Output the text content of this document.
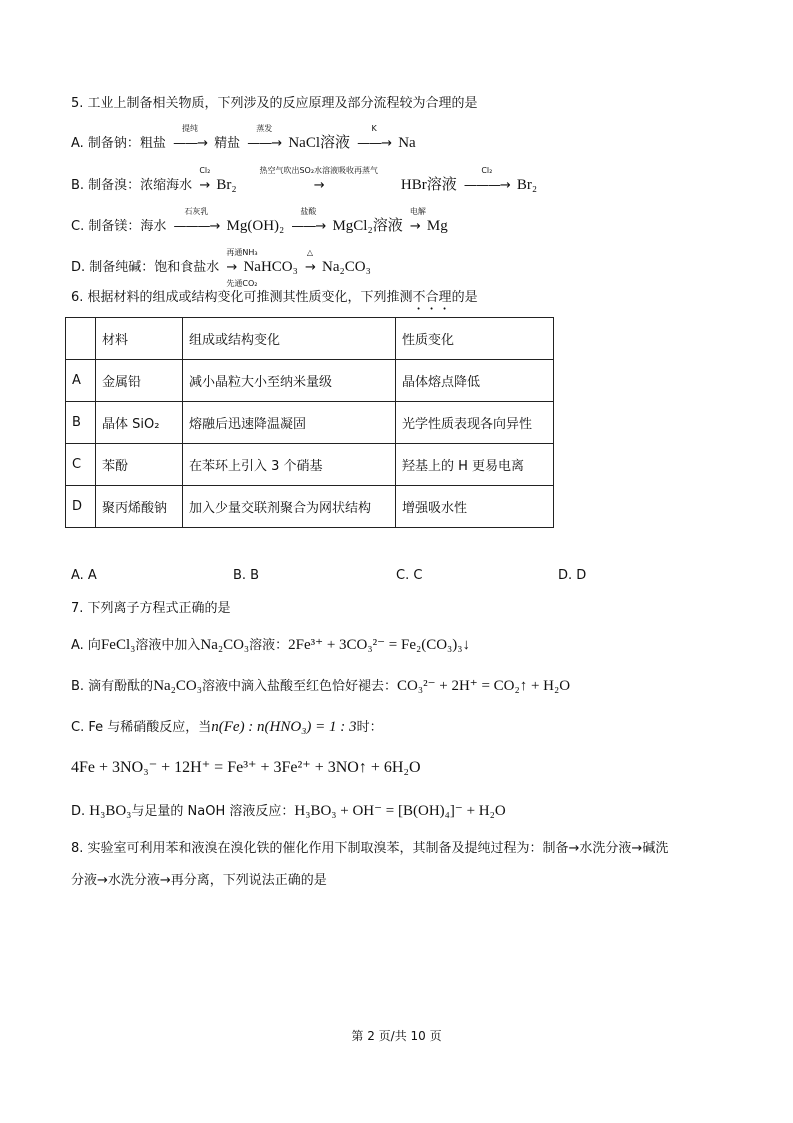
5. 工业上制备相关物质，下列涉及的反应原理及部分流程较为合理的是
A. 制备钠：粗盐
提纯
——→ 精盐
蒸发
——→ NaCl溶液
K
——→ Na
B. 制备溴：浓缩海水
Cl₂
→ Br₂
热空气吹出SO₂水溶液吸收再蒸气
→	HBr溶液
Cl₂
———→ Br₂
C. 制备镁：海水
石灰乳
———→ Mg(OH)₂
盐酸
——→ MgCl₂溶液
电解
→ Mg
D. 制备纯碱：饱和食盐水
再通NH₃
→
先通CO₂
NaHCO₃
△
→ Na₂CO₃
6. 根据材料的组成或结构变化可推测其性质变化，下列推测不合理的是
	材料	组成或结构变化	性质变化
A	金属铅	减小晶粒大小至纳米量级	晶体熔点降低
B	晶体 SiO₂	熔融后迅速降温凝固	光学性质表现各向异性
C	苯酚	在苯环上引入 3 个硝基	羟基上的 H 更易电离
D	聚丙烯酸钠	加入少量交联剂聚合为网状结构	增强吸水性
A. A	B. B	C. C	D. D
7. 下列离子方程式正确的是
A. 向FeCl₃溶液中加入Na₂CO₃溶液：2Fe³⁺ + 3CO₃²⁻ = Fe₂(CO₃)₃↓
B. 滴有酚酞的Na₂CO₃溶液中滴入盐酸至红色恰好褪去：CO₃²⁻ + 2H⁺ = CO₂↑ + H₂O
C. Fe 与稀硝酸反应，当n(Fe) : n(HNO₃) = 1 : 3时：
4Fe + 3NO₃⁻ + 12H⁺ = Fe³⁺ + 3Fe²⁺ + 3NO↑ + 6H₂O
D. H₃BO₃与足量的 NaOH 溶液反应：H₃BO₃ + OH⁻ = [B(OH)₄]⁻ + H₂O
8. 实验室可利用苯和液溴在溴化铁的催化作用下制取溴苯，其制备及提纯过程为：制备→水洗分液→碱洗
分液→水洗分液→再分离，下列说法正确的是
第 2 页/共 10 页
